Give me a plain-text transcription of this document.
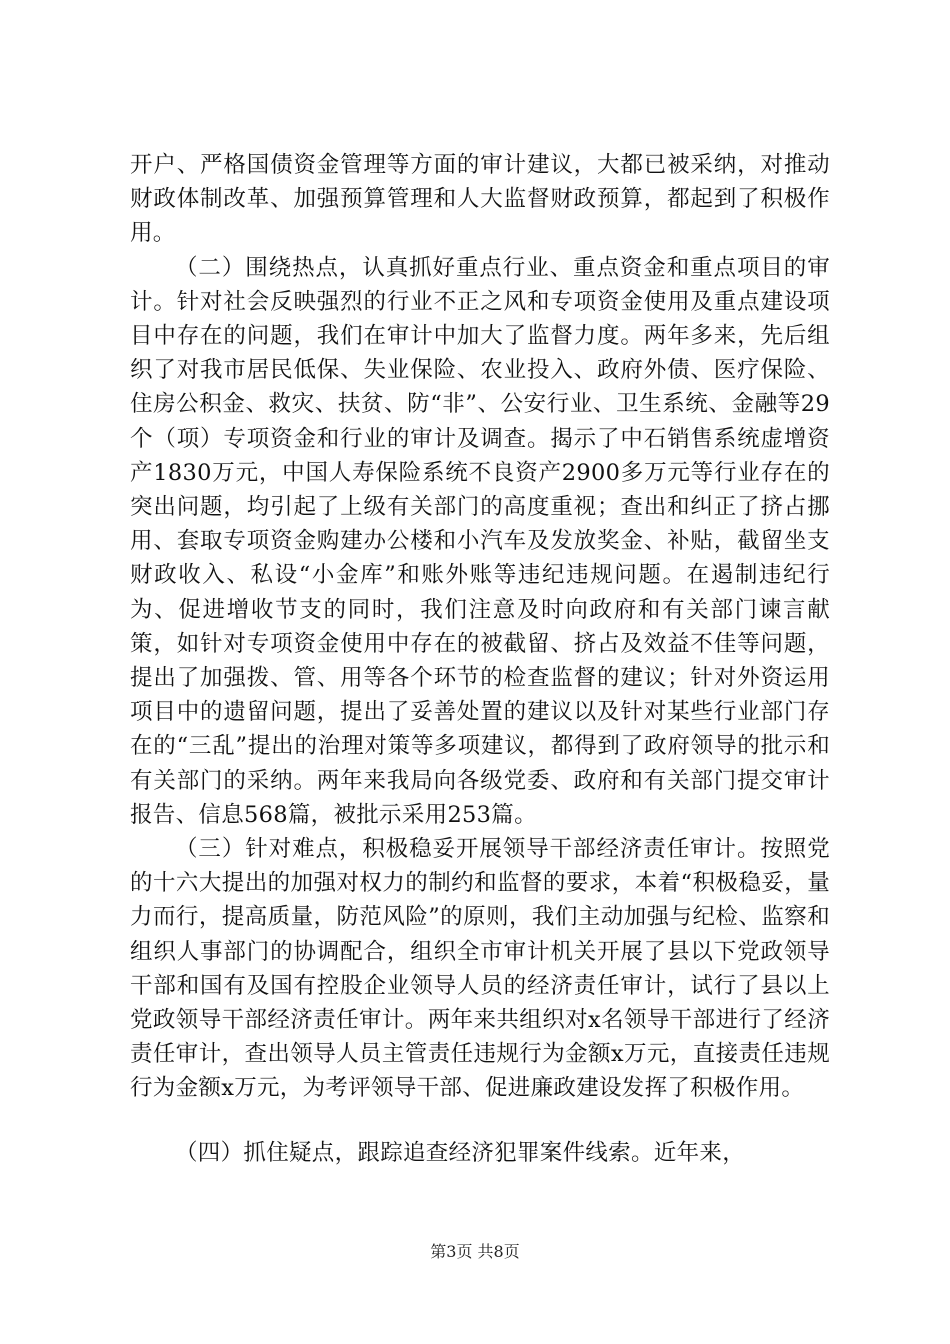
开户、严格国债资金管理等方面的审计建议，大都已被采纳，对推动财政体制改革、加强预算管理和人大监督财政预算，都起到了积极作用。

（二）围绕热点，认真抓好重点行业、重点资金和重点项目的审计。针对社会反映强烈的行业不正之风和专项资金使用及重点建设项目中存在的问题，我们在审计中加大了监督力度。两年多来，先后组织了对我市居民低保、失业保险、农业投入、政府外债、医疗保险、住房公积金、救灾、扶贫、防“非”、公安行业、卫生系统、金融等29个（项）专项资金和行业的审计及调查。揭示了中石销售系统虚增资产1830万元，中国人寿保险系统不良资产2900多万元等行业存在的突出问题，均引起了上级有关部门的高度重视；查出和纠正了挤占挪用、套取专项资金购建办公楼和小汽车及发放奖金、补贴，截留坐支财政收入、私设“小金库”和账外账等违纪违规问题。在遏制违纪行为、促进增收节支的同时，我们注意及时向政府和有关部门谏言献策，如针对专项资金使用中存在的被截留、挤占及效益不佳等问题，提出了加强拨、管、用等各个环节的检查监督的建议；针对外资运用项目中的遗留问题，提出了妥善处置的建议以及针对某些行业部门存在的“三乱”提出的治理对策等多项建议，都得到了政府领导的批示和有关部门的采纳。两年来我局向各级党委、政府和有关部门提交审计报告、信息568篇，被批示采用253篇。

（三）针对难点，积极稳妥开展领导干部经济责任审计。按照党的十六大提出的加强对权力的制约和监督的要求，本着“积极稳妥，量力而行，提高质量，防范风险”的原则，我们主动加强与纪检、监察和组织人事部门的协调配合，组织全市审计机关开展了县以下党政领导干部和国有及国有控股企业领导人员的经济责任审计，试行了县以上党政领导干部经济责任审计。两年来共组织对x名领导干部进行了经济责任审计，查出领导人员主管责任违规行为金额x万元，直接责任违规行为金额x万元，为考评领导干部、促进廉政建设发挥了积极作用。

（四）抓住疑点，跟踪追查经济犯罪案件线索。近年来，

第3页 共8页
